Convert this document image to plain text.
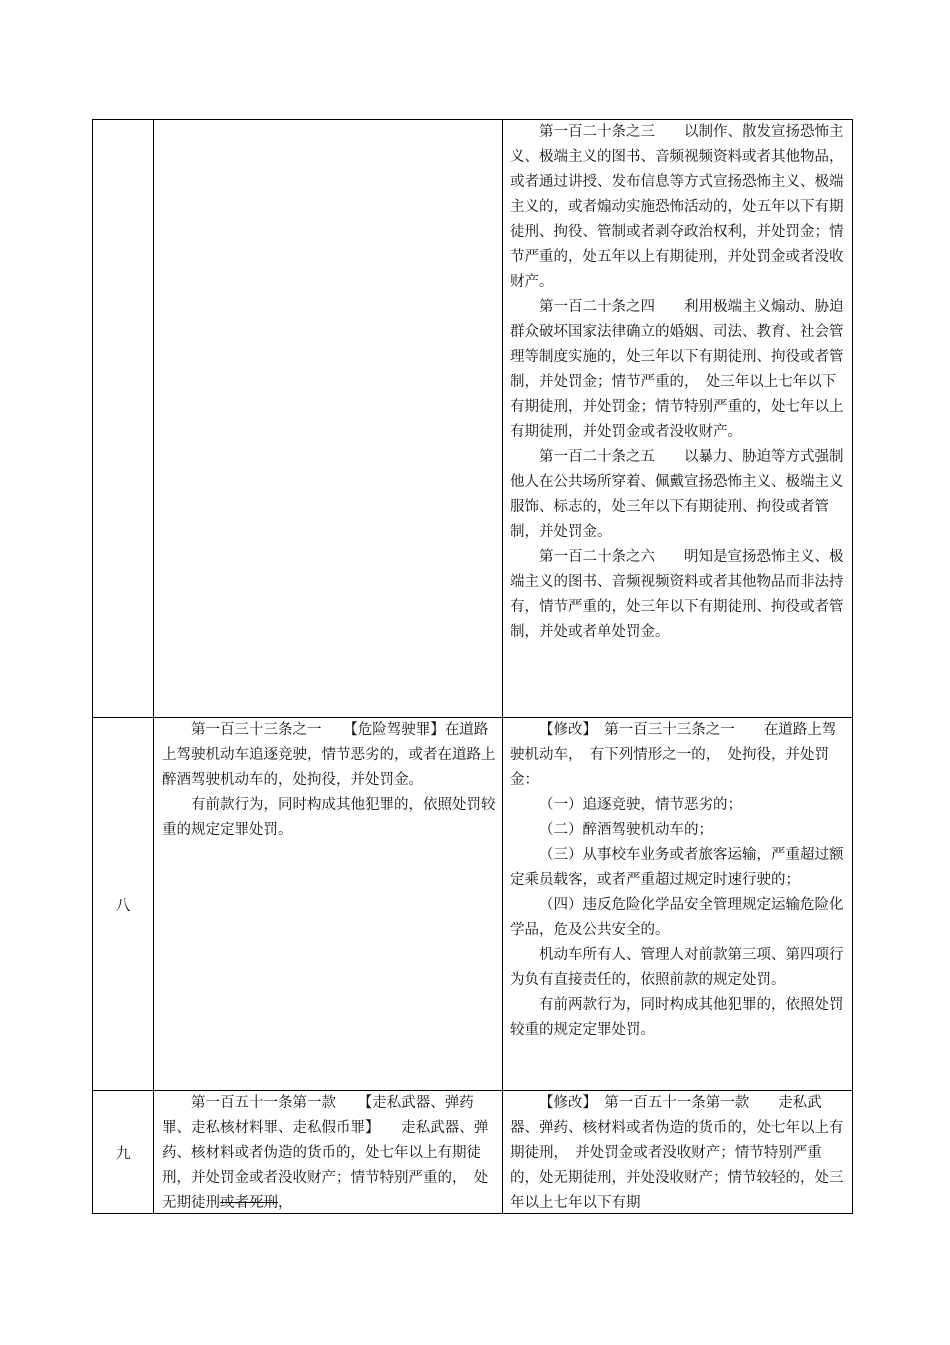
第一百二十条之三　　以制作、散发宣扬恐怖主义、极端主义的图书、音频视频资料或者其他物品，或者通过讲授、发布信息等方式宣扬恐怖主义、极端主义的，或者煽动实施恐怖活动的，处五年以下有期徒刑、拘役、管制或者剥夺政治权利，并处罚金；情节严重的，处五年以上有期徒刑，并处罚金或者没收财产。

第一百二十条之四　　利用极端主义煽动、胁迫群众破坏国家法律确立的婚姻、司法、教育、社会管理等制度实施的，处三年以下有期徒刑、拘役或者管制，并处罚金；情节严重的，　处三年以上七年以下有期徒刑，并处罚金；情节特别严重的，处七年以上有期徒刑，并处罚金或者没收财产。

第一百二十条之五　　以暴力、胁迫等方式强制他人在公共场所穿着、佩戴宣扬恐怖主义、极端主义服饰、标志的，处三年以下有期徒刑、拘役或者管制，并处罚金。

第一百二十条之六　　明知是宣扬恐怖主义、极端主义的图书、音频视频资料或者其他物品而非法持有，情节严重的，处三年以下有期徒刑、拘役或者管制，并处或者单处罚金。

八

第一百三十三条之一　　【危险驾驶罪】在道路上驾驶机动车追逐竞驶，情节恶劣的，或者在道路上醉酒驾驶机动车的，处拘役，并处罚金。

有前款行为，同时构成其他犯罪的，依照处罚较重的规定定罪处罚。

【修改】　第一百三十三条之一　　在道路上驾驶机动车，　有下列情形之一的，　处拘役，并处罚金：

（一）追逐竞驶，情节恶劣的；

（二）醉酒驾驶机动车的；

（三）从事校车业务或者旅客运输，严重超过额定乘员载客，或者严重超过规定时速行驶的；

（四）违反危险化学品安全管理规定运输危险化学品，危及公共安全的。

机动车所有人、管理人对前款第三项、第四项行为负有直接责任的，依照前款的规定处罚。

有前两款行为，同时构成其他犯罪的，依照处罚较重的规定定罪处罚。

九

第一百五十一条第一款　　【走私武器、弹药罪、走私核材料罪、走私假币罪】　　走私武器、弹药、核材料或者伪造的货币的，处七年以上有期徒刑，并处罚金或者没收财产；情节特别严重的，　处无期徒刑或者死刑，

【修改】　第一百五十一条第一款　　走私武器、弹药、核材料或者伪造的货币的，处七年以上有期徒刑，　并处罚金或者没收财产；情节特别严重的，处无期徒刑，并处没收财产；情节较轻的，处三年以上七年以下有期
